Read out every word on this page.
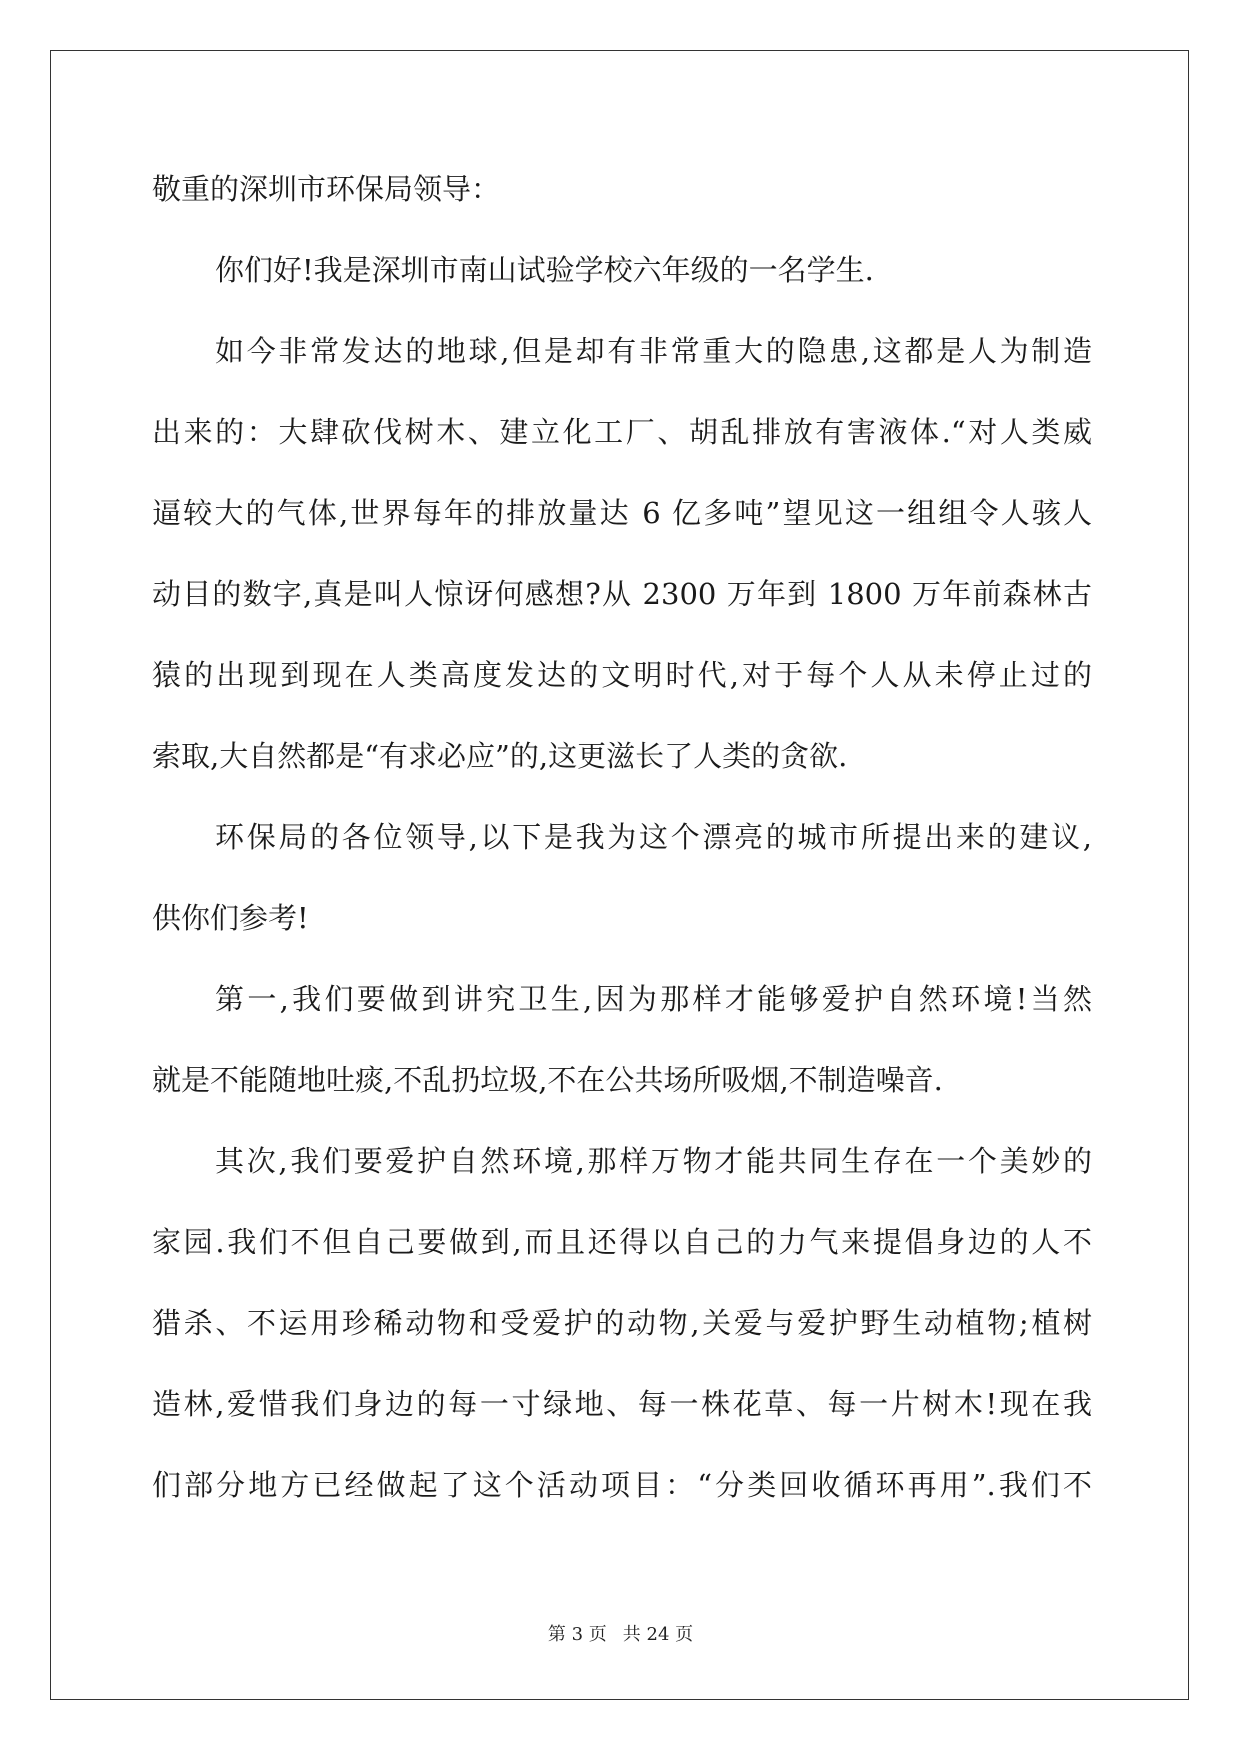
敬重的深圳市环保局领导：
你们好!我是深圳市南山试验学校六年级的一名学生.
如今非常发达的地球,但是却有非常重大的隐患,这都是人为制造
出来的：大肆砍伐树木、建立化工厂、胡乱排放有害液体.“对人类威
逼较大的气体,世界每年的排放量达 6 亿多吨”望见这一组组令人骇人
动目的数字,真是叫人惊讶何感想?从 2300 万年到 1800 万年前森林古
猿的出现到现在人类高度发达的文明时代,对于每个人从未停止过的
索取,大自然都是“有求必应”的,这更滋长了人类的贪欲.
环保局的各位领导,以下是我为这个漂亮的城市所提出来的建议,
供你们参考!
第一,我们要做到讲究卫生,因为那样才能够爱护自然环境!当然
就是不能随地吐痰,不乱扔垃圾,不在公共场所吸烟,不制造噪音.
其次,我们要爱护自然环境,那样万物才能共同生存在一个美妙的
家园.我们不但自己要做到,而且还得以自己的力气来提倡身边的人不
猎杀、不运用珍稀动物和受爱护的动物,关爱与爱护野生动植物;植树
造林,爱惜我们身边的每一寸绿地、每一株花草、每一片树木!现在我
们部分地方已经做起了这个活动项目：“分类回收循环再用”.我们不
第 3 页 共 24 页
